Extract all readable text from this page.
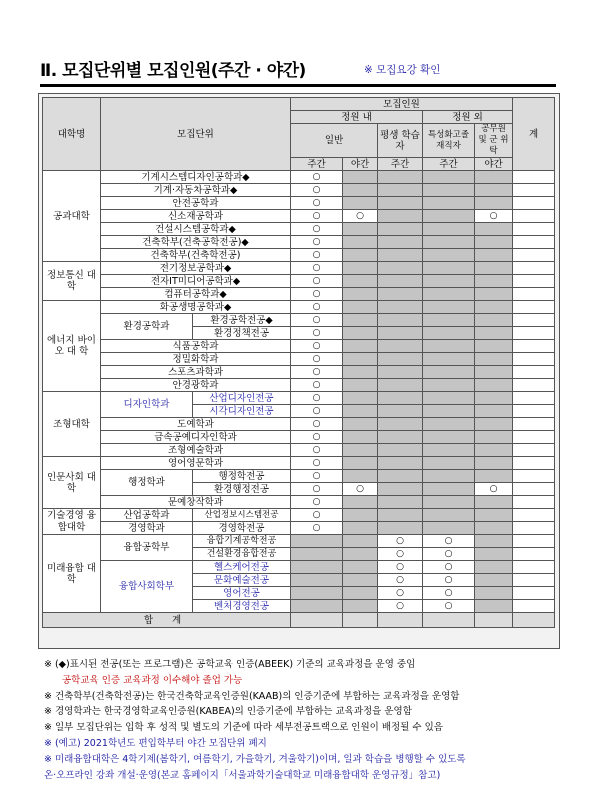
Ⅱ. 모집단위별 모집인원(주간 · 야간)	※ 모집요강 확인
대학명	모집단위		모집인원					계
			정원 내			정원 외		
			일반		평생 학습자	특성화고졸 재직자	공무원 및 군 위탁	
			주간	야간	주간	주간	야간	
공과대학	기계시스템디자인공학과◆		○					
	기계·자동차공학과◆		○					
	안전공학과		○					
	신소재공학과		○	○			○	
	건설시스템공학과◆		○					
	건축학부(건축공학전공)◆		○					
	건축학부(건축학전공)		○					
정보통신 대 학	전기정보공학과◆		○					
	전자IT미디어공학과◆		○					
	컴퓨터공학과◆		○					
에너지 바이오 대 학	화공생명공학과◆		○					
	환경공학과	환경공학전공◆	○					
		환경정책전공	○					
	식품공학과		○					
	정밀화학과		○					
	스포츠과학과		○					
	안경광학과		○					
조형대학	디자인학과	산업디자인전공	○					
		시각디자인전공	○					
	도예학과		○					
	금속공예디자인학과		○					
	조형예술학과		○					
인문사회 대 학	영어영문학과		○					
	행정학과	행정학전공	○					
		환경행정전공	○	○			○	
	문예창작학과		○					
기술경영 융합대학	산업공학과	산업정보시스템전공	○					
	경영학과	경영학전공	○					
미래융합 대 학	융합공학부	융합기계공학전공			○	○		
		건설환경융합전공			○	○		
	융합사회학부	헬스케어전공			○	○		
		문화예술전공			○	○		
		영어전공			○	○		
		벤처경영전공			○	○		
합 계								
※ (◆)표시된 전공(또는 프로그램)은 공학교육 인증(ABEEK) 기준의 교육과정을 운영 중임
공학교육 인증 교육과정 이수해야 졸업 가능
※ 건축학부(건축학전공)는 한국건축학교육인증원(KAAB)의 인증기준에 부합하는 교육과정을 운영함
※ 경영학과는 한국경영학교육인증원(KABEA)의 인증기준에 부합하는 교육과정을 운영함
※ 일부 모집단위는 입학 후 성적 및 별도의 기준에 따라 세부전공트랙으로 인원이 배정될 수 있음
※ (예고) 2021학년도 편입학부터 야간 모집단위 폐지
※ 미래융합대학은 4학기제(봄학기, 여름학기, 가을학기, 겨울학기)이며, 일과 학습을 병행할 수 있도록
온·오프라인 강좌 개설·운영(본교 홈페이지「서울과학기술대학교 미래융합대학 운영규정」참고)
